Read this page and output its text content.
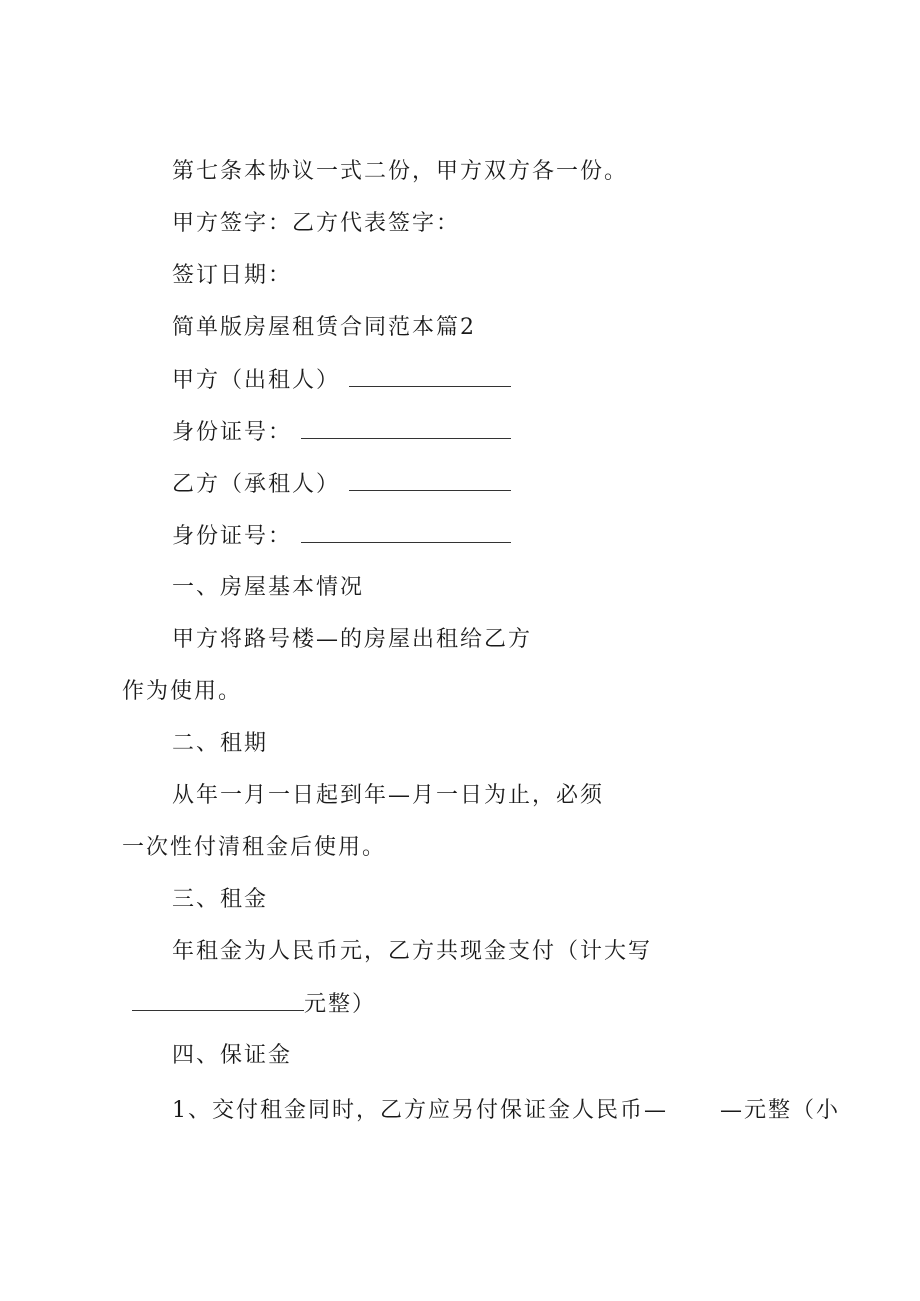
第七条本协议一式二份，甲方双方各一份。
甲方签字：乙方代表签字：
签订日期：
简单版房屋租赁合同范本篇2
甲方（出租人）
身份证号：
乙方（承租人）
身份证号：
一、房屋基本情况
甲方将路号楼—的房屋出租给乙方
作为使用。
二、租期
从年一月一日起到年—月一日为止，必须
一次性付清租金后使用。
三、租金
年租金为人民币元，乙方共现金支付（计大写
元整）
四、保证金
1、交付租金同时，乙方应另付保证金人民币— —元整（小
